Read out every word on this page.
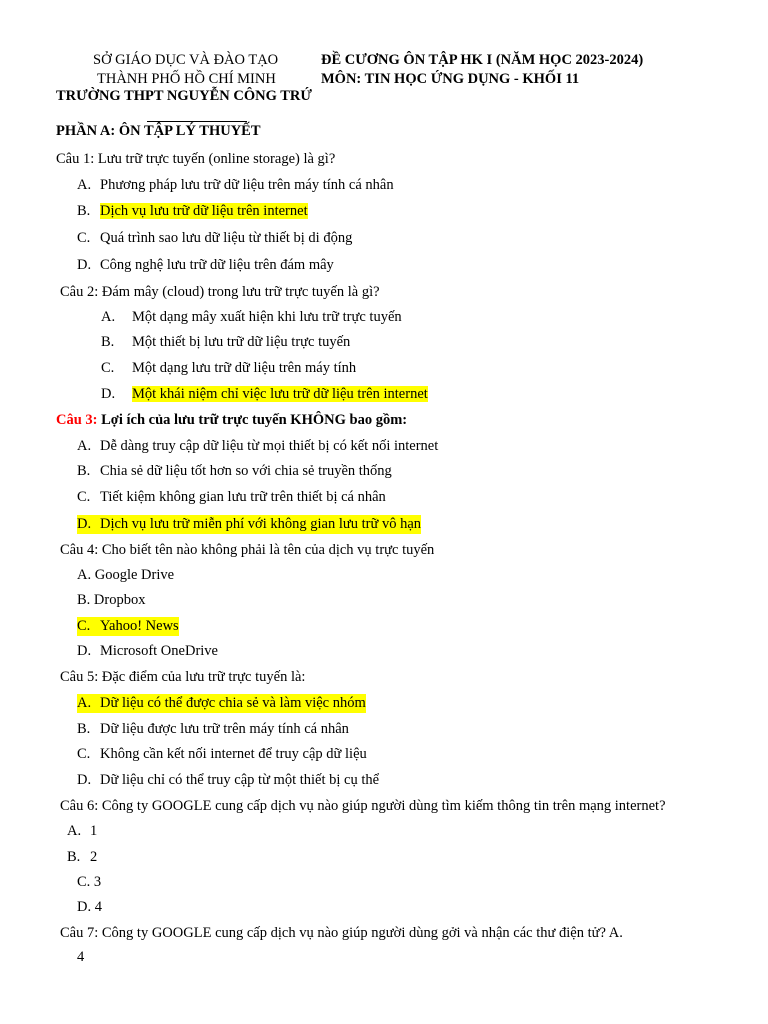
SỞ GIÁO DỤC VÀ ĐÀO TẠO
THÀNH PHỐ HỒ CHÍ MINH
TRƯỜNG THPT NGUYỄN CÔNG TRỨ
ĐỀ CƯƠNG ÔN TẬP HK I (NĂM HỌC 2023-2024)
MÔN: TIN HỌC ỨNG DỤNG - KHỐI 11
PHẦN A: ÔN TẬP LÝ THUYẾT
Câu 1: Lưu trữ trực tuyến (online storage) là gì?
A. Phương pháp lưu trữ dữ liệu trên máy tính cá nhân
B. Dịch vụ lưu trữ dữ liệu trên internet
C. Quá trình sao lưu dữ liệu từ thiết bị di động
D. Công nghệ lưu trữ dữ liệu trên đám mây
Câu 2: Đám mây (cloud) trong lưu trữ trực tuyến là gì?
A. Một dạng mây xuất hiện khi lưu trữ trực tuyến
B. Một thiết bị lưu trữ dữ liệu trực tuyến
C. Một dạng lưu trữ dữ liệu trên máy tính
D. Một khái niệm chỉ việc lưu trữ dữ liệu trên internet
Câu 3: Lợi ích của lưu trữ trực tuyến KHÔNG bao gồm:
A. Dễ dàng truy cập dữ liệu từ mọi thiết bị có kết nối internet
B. Chia sẻ dữ liệu tốt hơn so với chia sẻ truyền thống
C. Tiết kiệm không gian lưu trữ trên thiết bị cá nhân
D. Dịch vụ lưu trữ miễn phí với không gian lưu trữ vô hạn
Câu 4: Cho biết tên nào không phải là tên của dịch vụ trực tuyến
A. Google Drive
B. Dropbox
C. Yahoo! News
D. Microsoft OneDrive
Câu 5: Đặc điểm của lưu trữ trực tuyến là:
A. Dữ liệu có thể được chia sẻ và làm việc nhóm
B. Dữ liệu được lưu trữ trên máy tính cá nhân
C. Không cần kết nối internet để truy cập dữ liệu
D. Dữ liệu chỉ có thể truy cập từ một thiết bị cụ thể
Câu 6: Công ty GOOGLE cung cấp dịch vụ nào giúp người dùng tìm kiếm thông tin trên mạng internet?
A. 1
B. 2
C. 3
D. 4
Câu 7: Công ty GOOGLE cung cấp dịch vụ nào giúp người dùng gởi và nhận các thư điện tử? A.
4
